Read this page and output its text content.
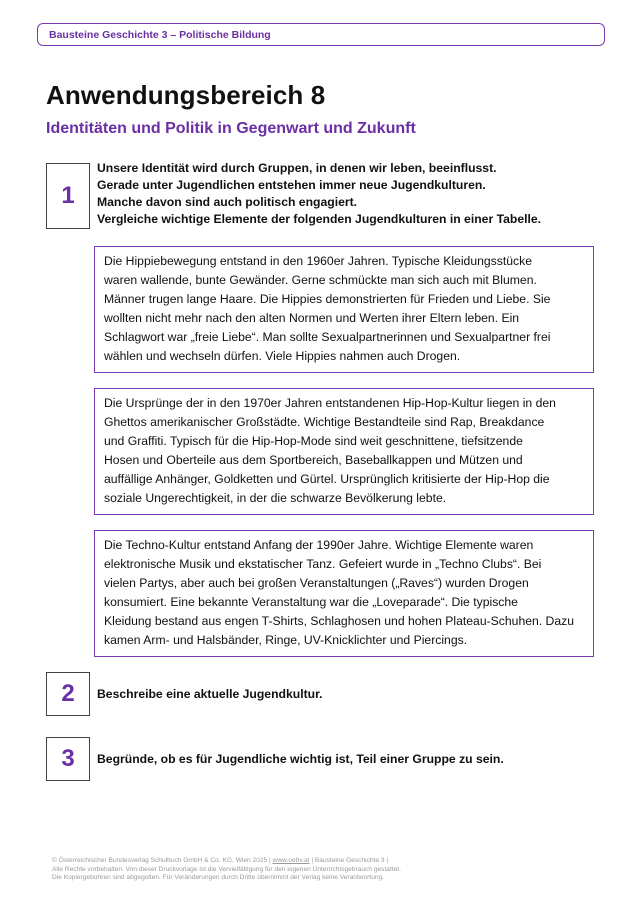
Bausteine Geschichte 3 – Politische Bildung
Anwendungsbereich 8
Identitäten und Politik in Gegenwart und Zukunft
1
Unsere Identität wird durch Gruppen, in denen wir leben, beeinflusst.
Gerade unter Jugendlichen entstehen immer neue Jugendkulturen.
Manche davon sind auch politisch engagiert.
Vergleiche wichtige Elemente der folgenden Jugendkulturen in einer Tabelle.
Die Hippiebewegung entstand in den 1960er Jahren. Typische Kleidungsstücke
waren wallende, bunte Gewänder. Gerne schmückte man sich auch mit Blumen.
Männer trugen lange Haare. Die Hippies demonstrierten für Frieden und Liebe. Sie
wollten nicht mehr nach den alten Normen und Werten ihrer Eltern leben. Ein
Schlagwort war „freie Liebe“. Man sollte Sexualpartnerinnen und Sexualpartner frei
wählen und wechseln dürfen. Viele Hippies nahmen auch Drogen.
Die Ursprünge der in den 1970er Jahren entstandenen Hip-Hop-Kultur liegen in den
Ghettos amerikanischer Großstädte. Wichtige Bestandteile sind Rap, Breakdance
und Graffiti. Typisch für die Hip-Hop-Mode sind weit geschnittene, tiefsitzende
Hosen und Oberteile aus dem Sportbereich, Baseballkappen und Mützen und
auffällige Anhänger, Goldketten und Gürtel. Ursprünglich kritisierte der Hip-Hop die
soziale Ungerechtigkeit, in der die schwarze Bevölkerung lebte.
Die Techno-Kultur entstand Anfang der 1990er Jahre. Wichtige Elemente waren
elektronische Musik und ekstatischer Tanz. Gefeiert wurde in „Techno Clubs“. Bei
vielen Partys, aber auch bei großen Veranstaltungen („Raves“) wurden Drogen
konsumiert. Eine bekannte Veranstaltung war die „Loveparade“. Die typische
Kleidung bestand aus engen T-Shirts, Schlaghosen und hohen Plateau-Schuhen. Dazu
kamen Arm- und Halsbänder, Ringe, UV-Knicklichter und Piercings.
2	Beschreibe eine aktuelle Jugendkultur.
3	Begründe, ob es für Jugendliche wichtig ist, Teil einer Gruppe zu sein.
© Österreichischer Bundesverlag Schulbuch GmbH & Co. KG, Wien 2025 | www.oebv.at | Bausteine Geschichte 3 |
Alle Rechte vorbehalten. Von dieser Druckvorlage ist die Vervielfältigung für den eigenen Unterrichtsgebrauch gestattet.
Die Kopiergebühren sind abgegolten. Für Veränderungen durch Dritte übernimmt der Verlag keine Verantwortung.
